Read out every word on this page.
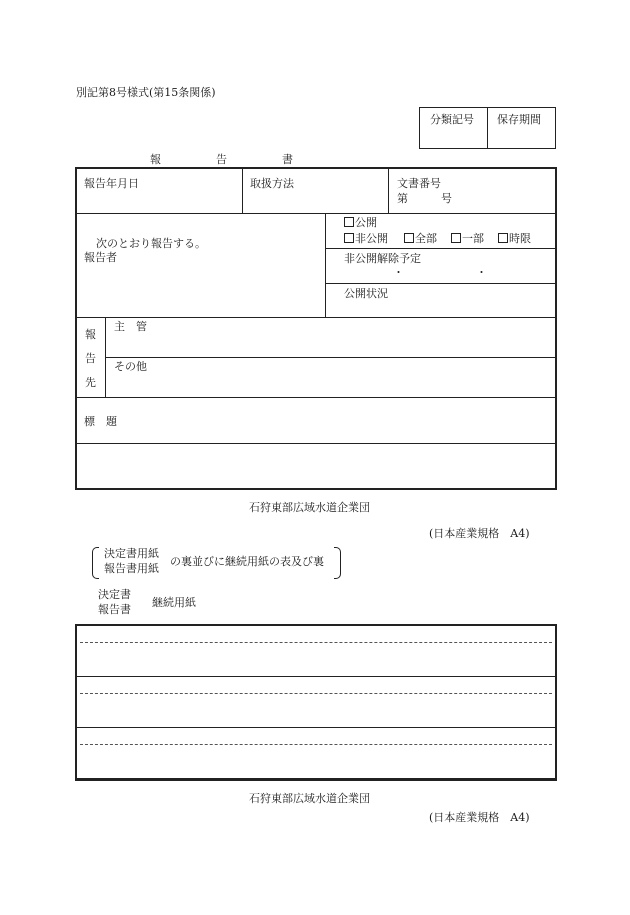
別記第8号様式(第15条関係)
分類記号 保存期間
報　告　書
報告年月日	取扱方法	文書番号
第　　　号
次のとおり報告する。
報告者
公開
非公開	全部	一部	時限
非公開解除予定
・	・
公開状況
報
告
先
主　管
その他
標　題
石狩東部広域水道企業団
(日本産業規格　A4)
決定書用紙
報告書用紙
の裏並びに継続用紙の表及び裏
決定書
報告書
継続用紙
石狩東部広域水道企業団
(日本産業規格　A4)
